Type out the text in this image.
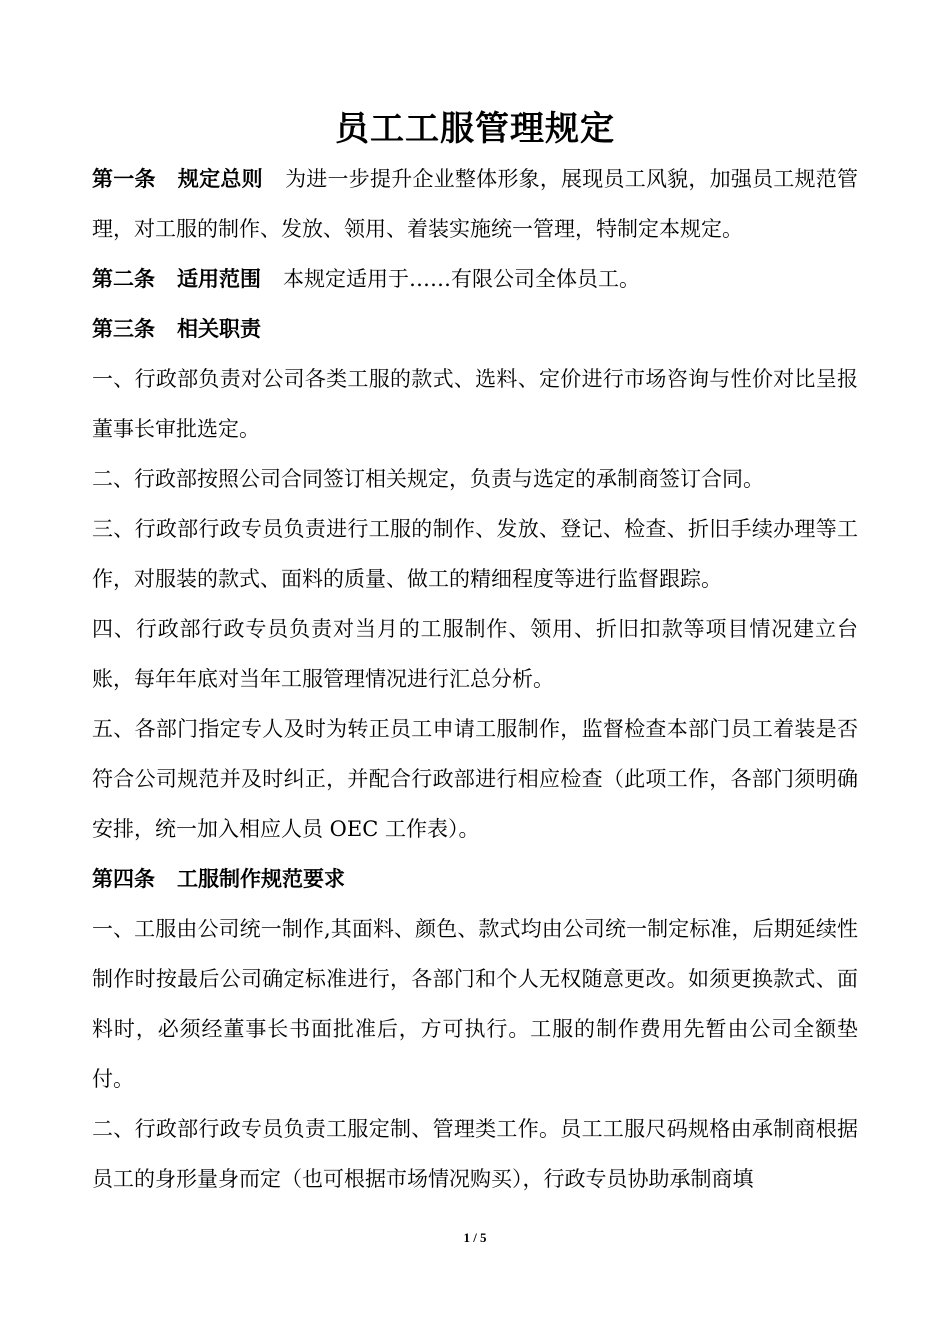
员工工服管理规定

第一条 规定总则 为进一步提升企业整体形象，展现员工风貌，加强员工规范管理，对工服的制作、发放、领用、着装实施统一管理，特制定本规定。

第二条 适用范围 本规定适用于……有限公司全体员工。

第三条 相关职责

一、行政部负责对公司各类工服的款式、选料、定价进行市场咨询与性价对比呈报董事长审批选定。

二、行政部按照公司合同签订相关规定，负责与选定的承制商签订合同。

三、行政部行政专员负责进行工服的制作、发放、登记、检查、折旧手续办理等工作，对服装的款式、面料的质量、做工的精细程度等进行监督跟踪。

四、行政部行政专员负责对当月的工服制作、领用、折旧扣款等项目情况建立台账，每年年底对当年工服管理情况进行汇总分析。

五、各部门指定专人及时为转正员工申请工服制作，监督检查本部门员工着装是否符合公司规范并及时纠正，并配合行政部进行相应检查（此项工作，各部门须明确安排，统一加入相应人员 OEC 工作表）。

第四条 工服制作规范要求

一、工服由公司统一制作,其面料、颜色、款式均由公司统一制定标准，后期延续性制作时按最后公司确定标准进行，各部门和个人无权随意更改。如须更换款式、面料时，必须经董事长书面批准后，方可执行。工服的制作费用先暂由公司全额垫付。

二、行政部行政专员负责工服定制、管理类工作。员工工服尺码规格由承制商根据员工的身形量身而定（也可根据市场情况购买），行政专员协助承制商填

1 / 5
